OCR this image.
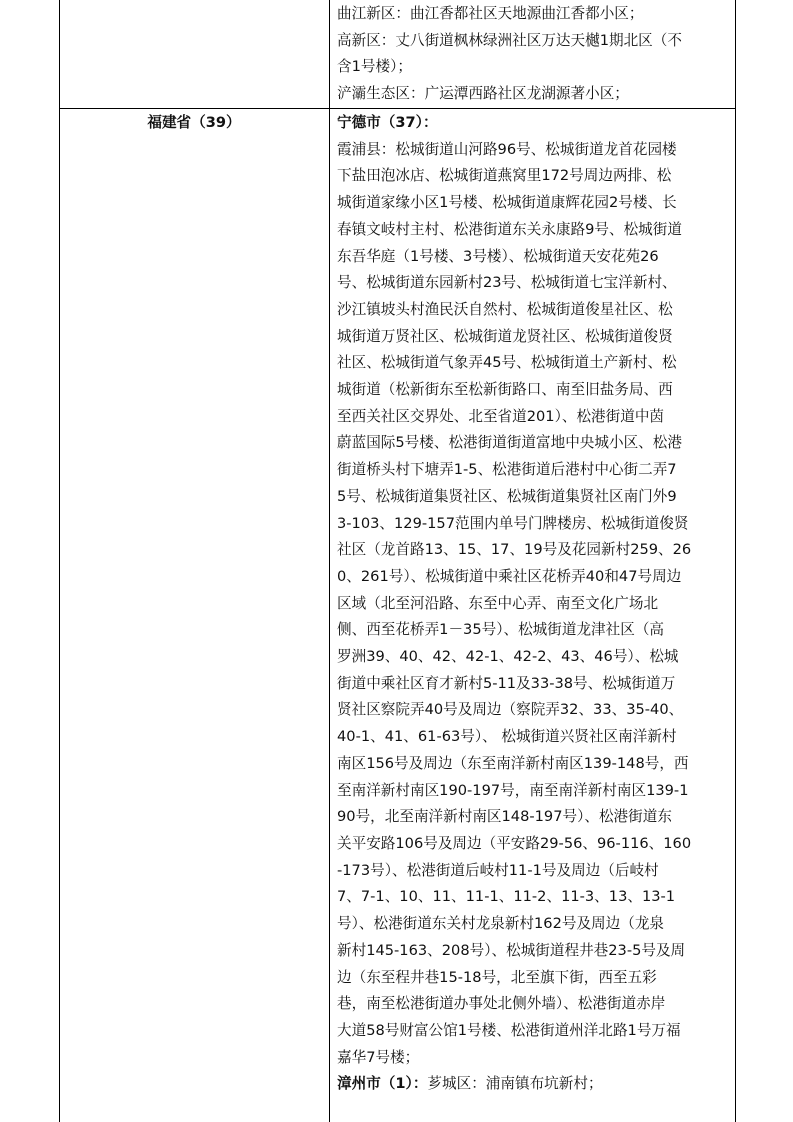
曲江新区：曲江香都社区天地源曲江香都小区；
高新区：丈八街道枫林绿洲社区万达天樾1期北区（不
含1号楼）；
浐灞生态区：广运潭西路社区龙湖源著小区；
福建省（39）	宁德市（37）：
霞浦县：松城街道山河路96号、松城街道龙首花园楼
下盐田泡冰店、松城街道燕窝里172号周边两排、松
城街道家缘小区1号楼、松城街道康辉花园2号楼、长
春镇文岐村主村、松港街道东关永康路9号、松城街道
东吾华庭（1号楼、3号楼）、松城街道天安花苑26
号、松城街道东园新村23号、松城街道七宝洋新村、
沙江镇坡头村渔民沃自然村、松城街道俊星社区、松
城街道万贤社区、松城街道龙贤社区、松城街道俊贤
社区、松城街道气象弄45号、松城街道土产新村、松
城街道（松新街东至松新街路口、南至旧盐务局、西
至西关社区交界处、北至省道201）、松港街道中茵
蔚蓝国际5号楼、松港街道街道富地中央城小区、松港
街道桥头村下塘弄1-5、松港街道后港村中心街二弄7
5号、松城街道集贤社区、松城街道集贤社区南门外9
3-103、129-157范围内单号门牌楼房、松城街道俊贤
社区（龙首路13、15、17、19号及花园新村259、26
0、261号）、松城街道中乘社区花桥弄40和47号周边
区域（北至河沿路、东至中心弄、南至文化广场北
侧、西至花桥弄1－35号）、松城街道龙津社区（高
罗洲39、40、42、42-1、42-2、43、46号）、松城
街道中乘社区育才新村5-11及33-38号、松城街道万
贤社区察院弄40号及周边（察院弄32、33、35-40、
40-1、41、61-63号）、 松城街道兴贤社区南洋新村
南区156号及周边（东至南洋新村南区139-148号，西
至南洋新村南区190-197号，南至南洋新村南区139-1
90号，北至南洋新村南区148-197号）、松港街道东
关平安路106号及周边（平安路29-56、96-116、160
-173号）、松港街道后岐村11-1号及周边（后岐村
7、7-1、10、11、11-1、11-2、11-3、13、13-1
号）、松港街道东关村龙泉新村162号及周边（龙泉
新村145-163、208号）、松城街道程井巷23-5号及周
边（东至程井巷15-18号，北至旗下街，西至五彩
巷，南至松港街道办事处北侧外墙）、松港街道赤岸
大道58号财富公馆1号楼、松港街道州洋北路1号万福
嘉华7号楼；
漳州市（1）：芗城区：浦南镇布坑新村；
